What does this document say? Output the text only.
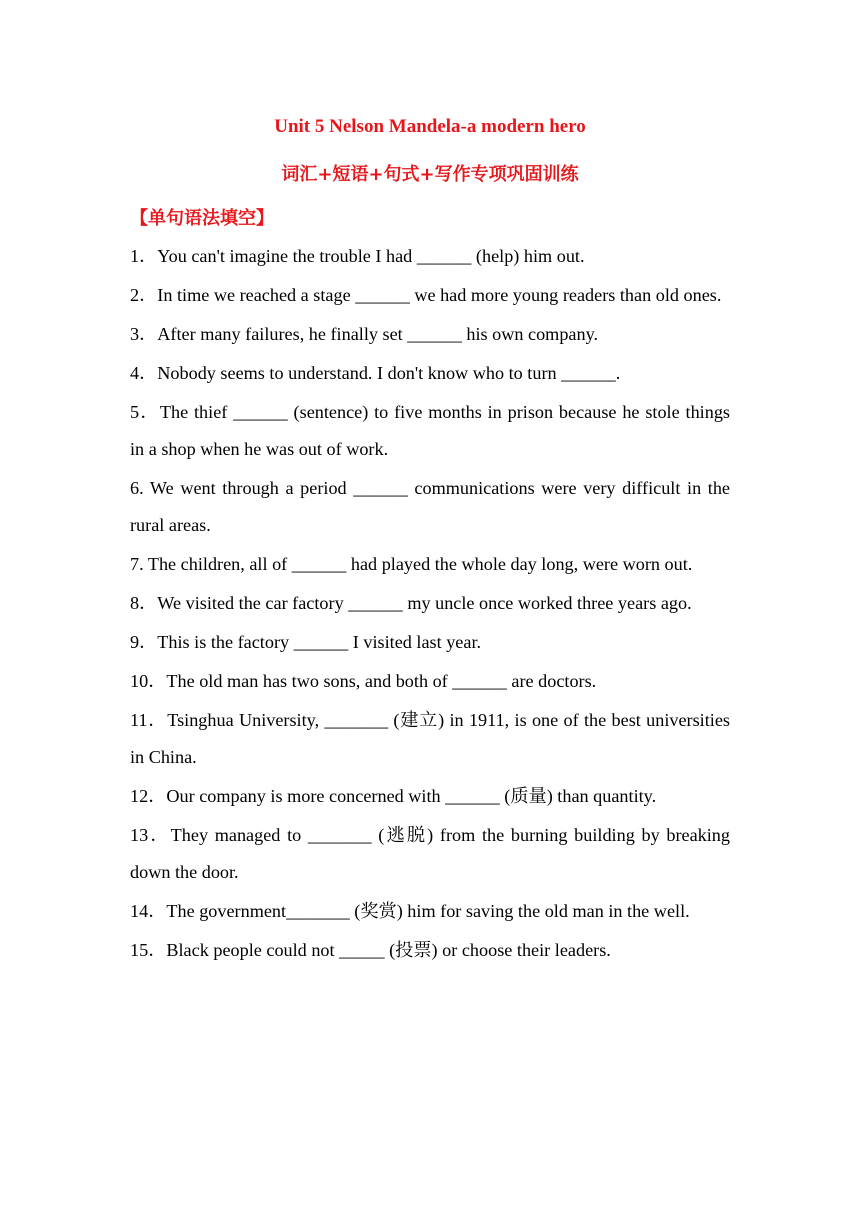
Unit 5 Nelson Mandela-a modern hero
词汇+短语+句式+写作专项巩固训练
【单句语法填空】

1．You can't imagine the trouble I had ______ (help) him out.

2．In time we reached a stage ______ we had more young readers than old ones.

3．After many failures, he finally set ______ his own company.

4．Nobody seems to understand. I don't know who to turn ______.

5．The thief ______ (sentence) to five months in prison because he stole things in a shop when he was out of work.

6. We went through a period ______ communications were very difficult in the rural areas.

7. The children, all of ______ had played the whole day long, were worn out.

8．We visited the car factory ______ my uncle once worked three years ago.

9．This is the factory ______ I visited last year.

10．The old man has two sons, and both of ______ are doctors.

11．Tsinghua University, _______ (建立) in 1911, is one of the best universities in China.

12．Our company is more concerned with ______ (质量) than quantity.

13．They managed to _______ (逃脱) from the burning building by breaking down the door.

14．The government_______ (奖赏) him for saving the old man in the well.

15．Black people could not _____ (投票) or choose their leaders.
